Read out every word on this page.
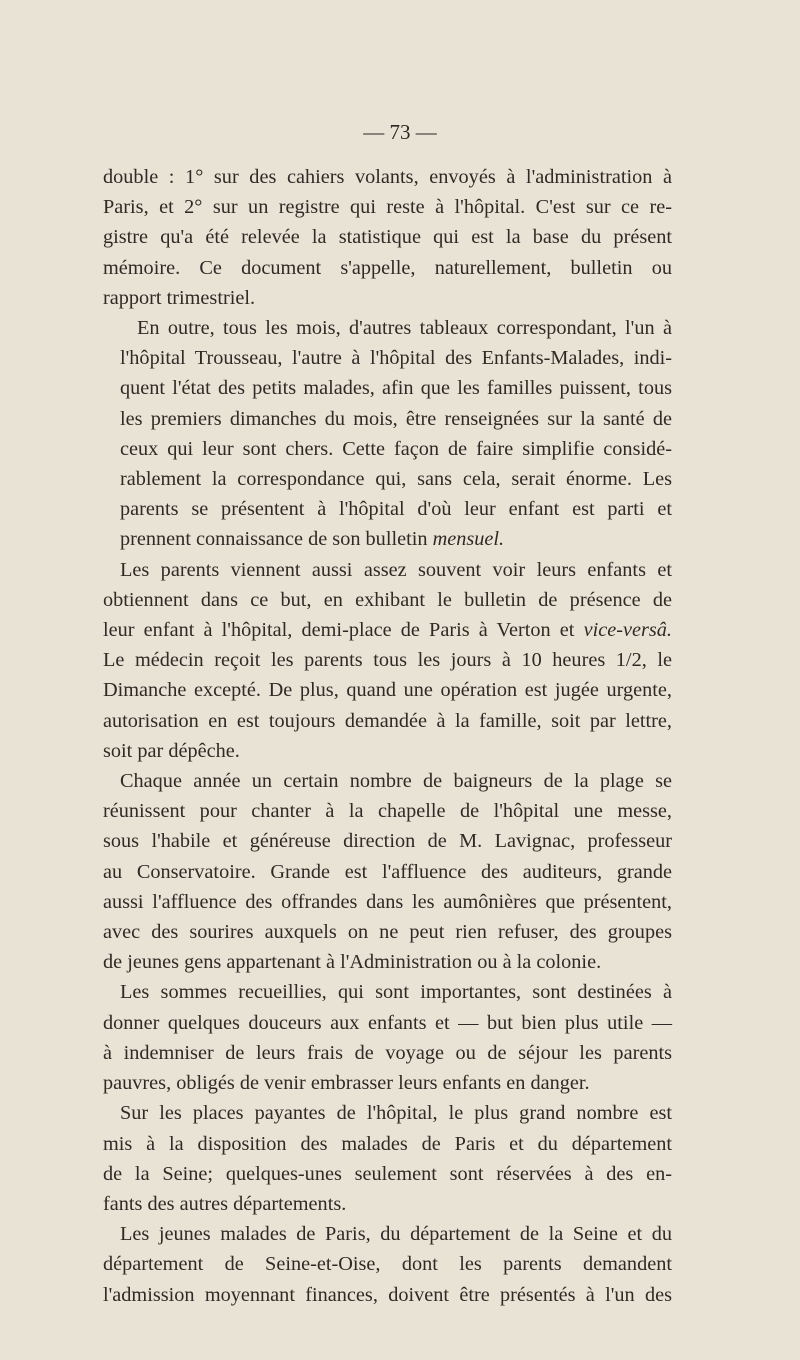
— 73 —

double : 1° sur des cahiers volants, envoyés à l'administration à
Paris, et 2° sur un registre qui reste à l'hôpital. C'est sur ce re-
gistre qu'a été relevée la statistique qui est la base du présent
mémoire. Ce document s'appelle, naturellement, bulletin ou
rapport trimestriel.

En outre, tous les mois, d'autres tableaux correspondant, l'un à
l'hôpital Trousseau, l'autre à l'hôpital des Enfants-Malades, indi-
quent l'état des petits malades, afin que les familles puissent, tous
les premiers dimanches du mois, être renseignées sur la santé de
ceux qui leur sont chers. Cette façon de faire simplifie considé-
rablement la correspondance qui, sans cela, serait énorme. Les
parents se présentent à l'hôpital d'où leur enfant est parti et
prennent connaissance de son bulletin mensuel.

Les parents viennent aussi assez souvent voir leurs enfants et
obtiennent dans ce but, en exhibant le bulletin de présence de
leur enfant à l'hôpital, demi-place de Paris à Verton et vice-versâ.
Le médecin reçoit les parents tous les jours à 10 heures 1/2, le
Dimanche excepté. De plus, quand une opération est jugée urgente,
autorisation en est toujours demandée à la famille, soit par lettre,
soit par dépêche.

Chaque année un certain nombre de baigneurs de la plage se
réunissent pour chanter à la chapelle de l'hôpital une messe,
sous l'habile et généreuse direction de M. Lavignac, professeur
au Conservatoire. Grande est l'affluence des auditeurs, grande
aussi l'affluence des offrandes dans les aumônières que présentent,
avec des sourires auxquels on ne peut rien refuser, des groupes
de jeunes gens appartenant à l'Administration ou à la colonie.

Les sommes recueillies, qui sont importantes, sont destinées à
donner quelques douceurs aux enfants et — but bien plus utile —
à indemniser de leurs frais de voyage ou de séjour les parents
pauvres, obligés de venir embrasser leurs enfants en danger.

Sur les places payantes de l'hôpital, le plus grand nombre est
mis à la disposition des malades de Paris et du département
de la Seine; quelques-unes seulement sont réservées à des en-
fants des autres départements.

Les jeunes malades de Paris, du département de la Seine et du
département de Seine-et-Oise, dont les parents demandent
l'admission moyennant finances, doivent être présentés à l'un des
